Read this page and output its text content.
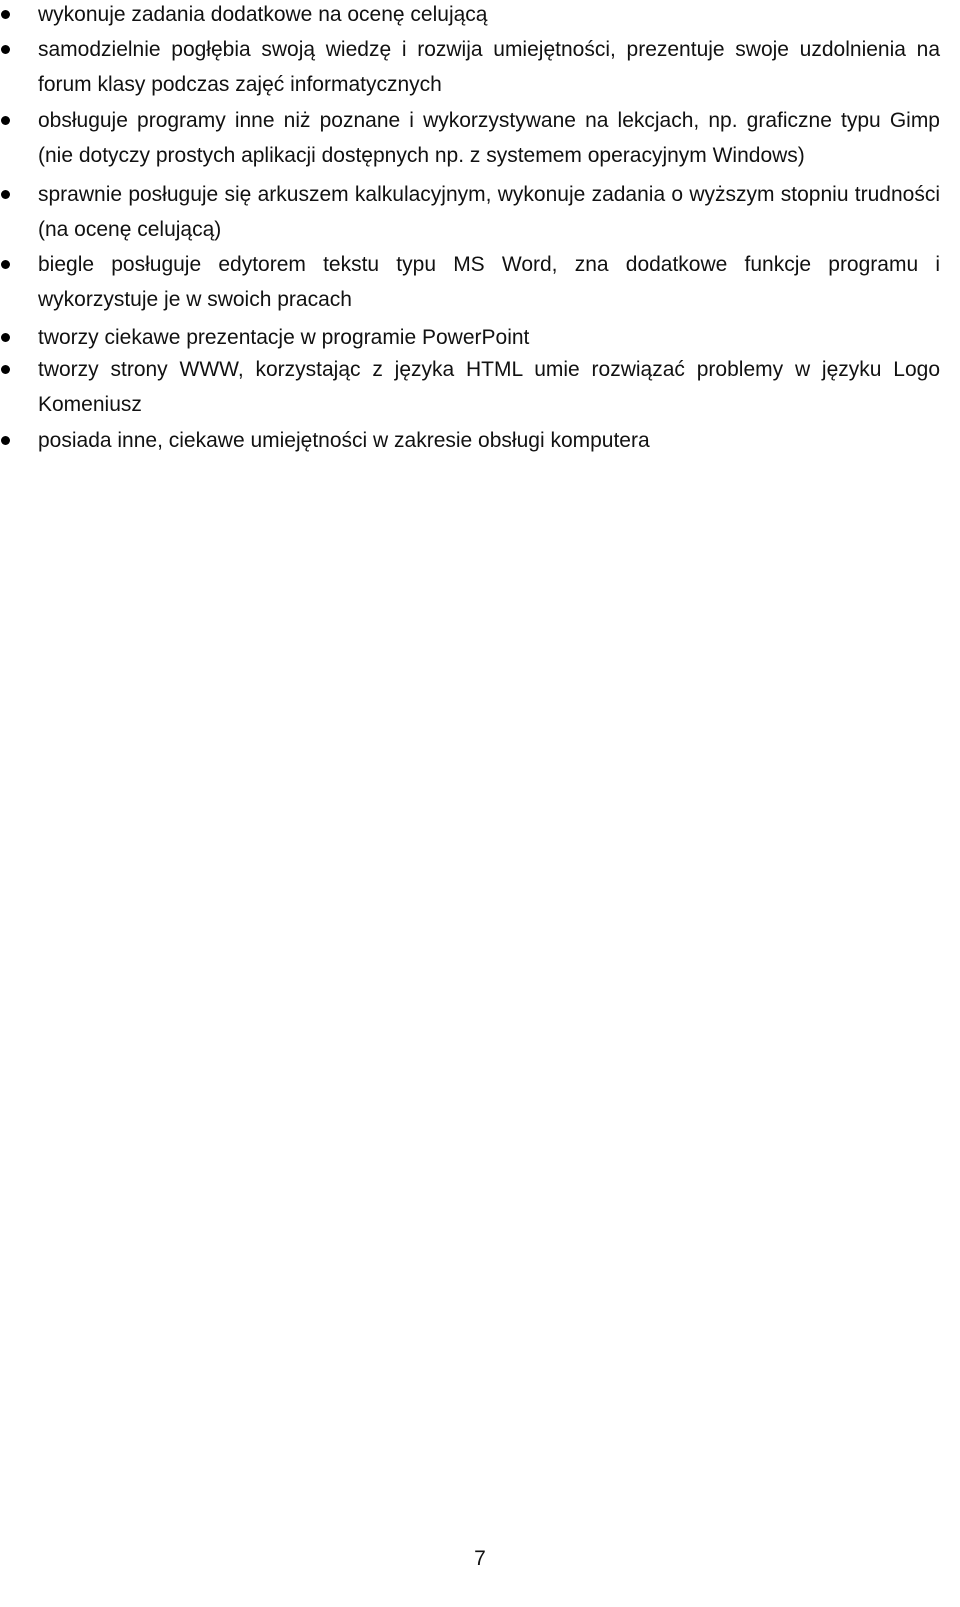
wykonuje zadania dodatkowe na ocenę celującą
samodzielnie pogłębia swoją wiedzę i rozwija umiejętności, prezentuje swoje uzdolnienia na forum klasy podczas zajęć informatycznych
obsługuje programy inne niż poznane i wykorzystywane na lekcjach, np. graficzne typu Gimp (nie dotyczy prostych aplikacji dostępnych np. z systemem operacyjnym Windows)
sprawnie posługuje się arkuszem kalkulacyjnym, wykonuje zadania o wyższym stopniu trudności (na ocenę celującą)
biegle posługuje edytorem tekstu typu MS Word, zna dodatkowe funkcje programu i wykorzystuje je w swoich pracach
tworzy ciekawe prezentacje w programie PowerPoint
tworzy strony WWW, korzystając z języka HTML umie rozwiązać problemy w języku Logo Komeniusz
posiada inne, ciekawe umiejętności w zakresie obsługi komputera
7
